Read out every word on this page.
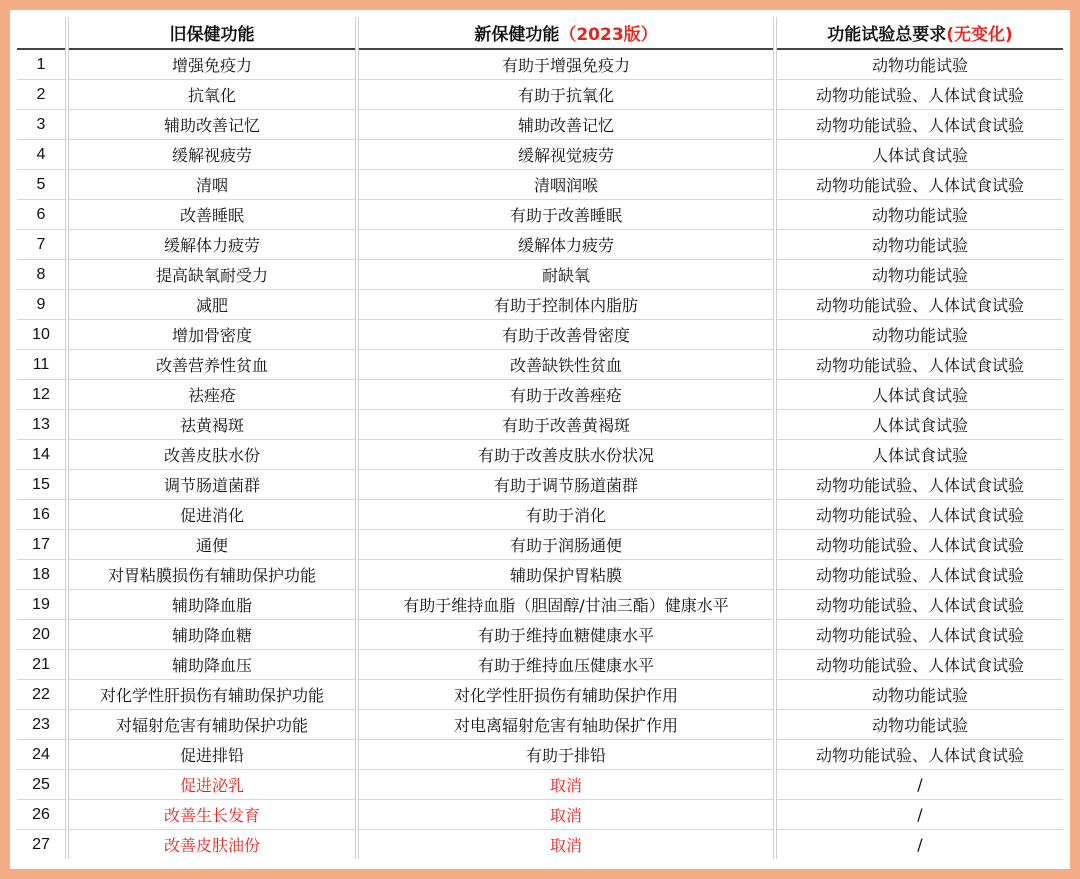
	旧保健功能	新保健功能（2023版）	功能试验总要求(无变化)
1	增强免疫力	有助于增强免疫力	动物功能试验
2	抗氧化	有助于抗氧化	动物功能试验、人体试食试验
3	辅助改善记忆	辅助改善记忆	动物功能试验、人体试食试验
4	缓解视疲劳	缓解视觉疲劳	人体试食试验
5	清咽	清咽润喉	动物功能试验、人体试食试验
6	改善睡眠	有助于改善睡眠	动物功能试验
7	缓解体力疲劳	缓解体力疲劳	动物功能试验
8	提高缺氧耐受力	耐缺氧	动物功能试验
9	减肥	有助于控制体内脂肪	动物功能试验、人体试食试验
10	增加骨密度	有助于改善骨密度	动物功能试验
11	改善营养性贫血	改善缺铁性贫血	动物功能试验、人体试食试验
12	祛痤疮	有助于改善痤疮	人体试食试验
13	祛黄褐斑	有助于改善黄褐斑	人体试食试验
14	改善皮肤水份	有助于改善皮肤水份状况	人体试食试验
15	调节肠道菌群	有助于调节肠道菌群	动物功能试验、人体试食试验
16	促进消化	有助于消化	动物功能试验、人体试食试验
17	通便	有助于润肠通便	动物功能试验、人体试食试验
18	对胃粘膜损伤有辅助保护功能	辅助保护胃粘膜	动物功能试验、人体试食试验
19	辅助降血脂	有助于维持血脂（胆固醇/甘油三酯）健康水平	动物功能试验、人体试食试验
20	辅助降血糖	有助于维持血糖健康水平	动物功能试验、人体试食试验
21	辅助降血压	有助于维持血压健康水平	动物功能试验、人体试食试验
22	对化学性肝损伤有辅助保护功能	对化学性肝损伤有辅助保护作用	动物功能试验
23	对辐射危害有辅助保护功能	对电离辐射危害有轴助保扩作用	动物功能试验
24	促进排铅	有助于排铅	动物功能试验、人体试食试验
25	促进泌乳	取消	/
26	改善生长发育	取消	/
27	改善皮肤油份	取消	/
